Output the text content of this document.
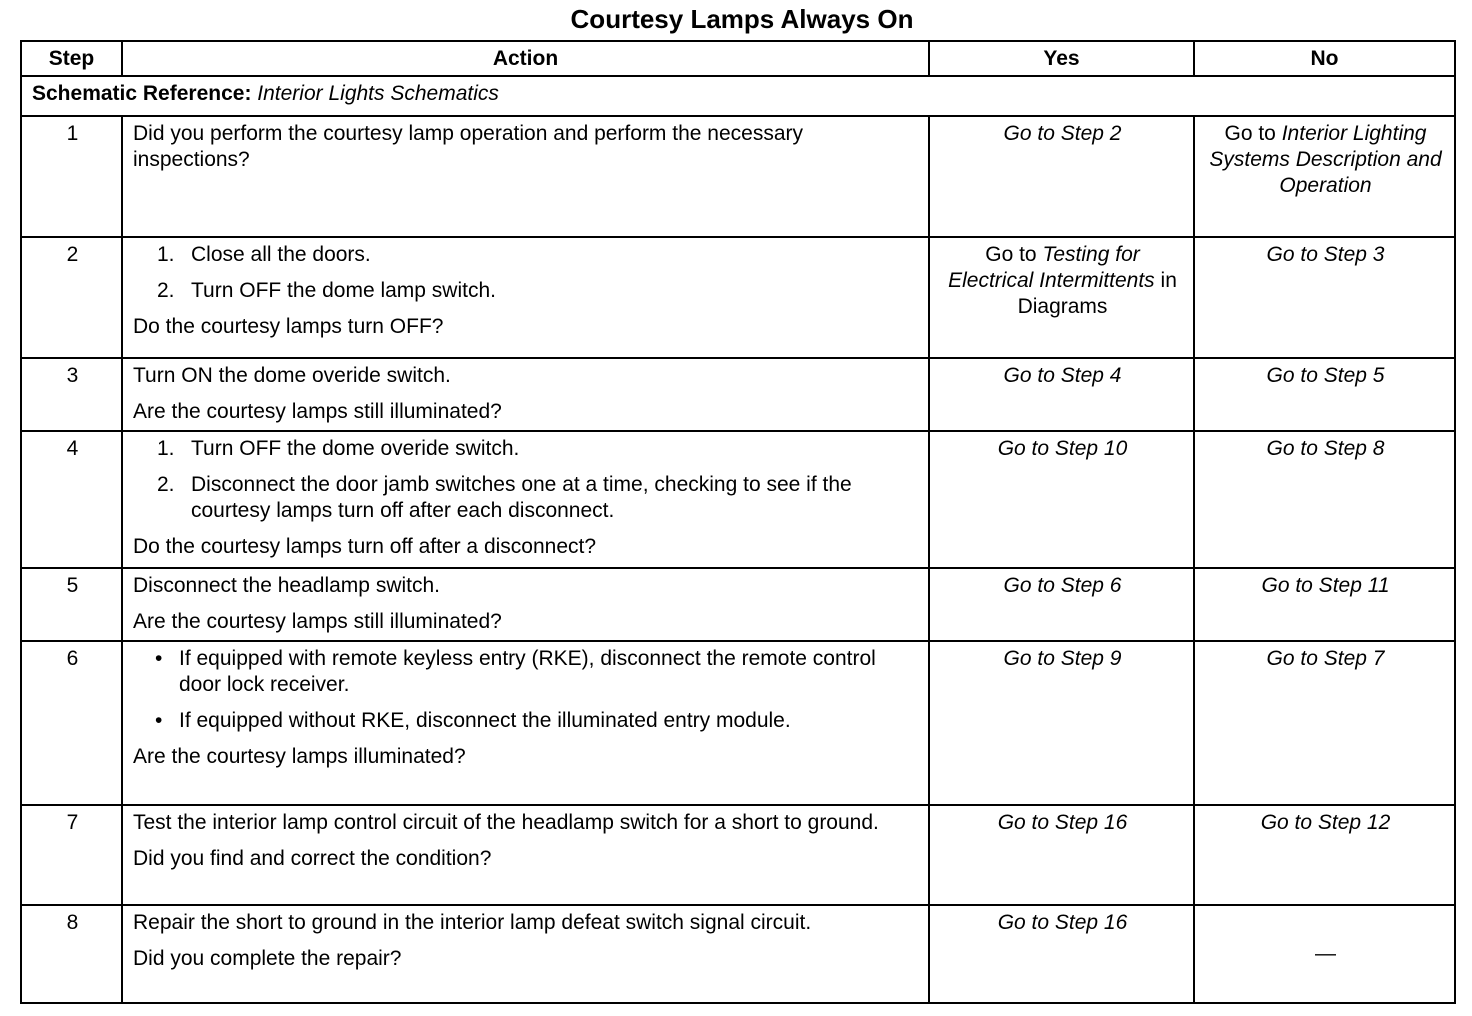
Courtesy Lamps Always On
Step	Action	Yes	No
Schematic Reference: Interior Lights Schematics			
1	Did you perform the courtesy lamp operation and perform the necessary inspections?	Go to Step 2	Go to Interior Lighting Systems Description and Operation
2	1. Close all the doors.
2. Turn OFF the dome lamp switch.
Do the courtesy lamps turn OFF?	Go to Testing for Electrical Intermittents in Diagrams	Go to Step 3
3	Turn ON the dome overide switch.
Are the courtesy lamps still illuminated?	Go to Step 4	Go to Step 5
4	1. Turn OFF the dome overide switch.
2. Disconnect the door jamb switches one at a time, checking to see if the courtesy lamps turn off after each disconnect.
Do the courtesy lamps turn off after a disconnect?	Go to Step 10	Go to Step 8
5	Disconnect the headlamp switch.
Are the courtesy lamps still illuminated?	Go to Step 6	Go to Step 11
6	• If equipped with remote keyless entry (RKE), disconnect the remote control door lock receiver.
• If equipped without RKE, disconnect the illuminated entry module.
Are the courtesy lamps illuminated?	Go to Step 9	Go to Step 7
7	Test the interior lamp control circuit of the headlamp switch for a short to ground.
Did you find and correct the condition?	Go to Step 16	Go to Step 12
8	Repair the short to ground in the interior lamp defeat switch signal circuit.
Did you complete the repair?	Go to Step 16	—
